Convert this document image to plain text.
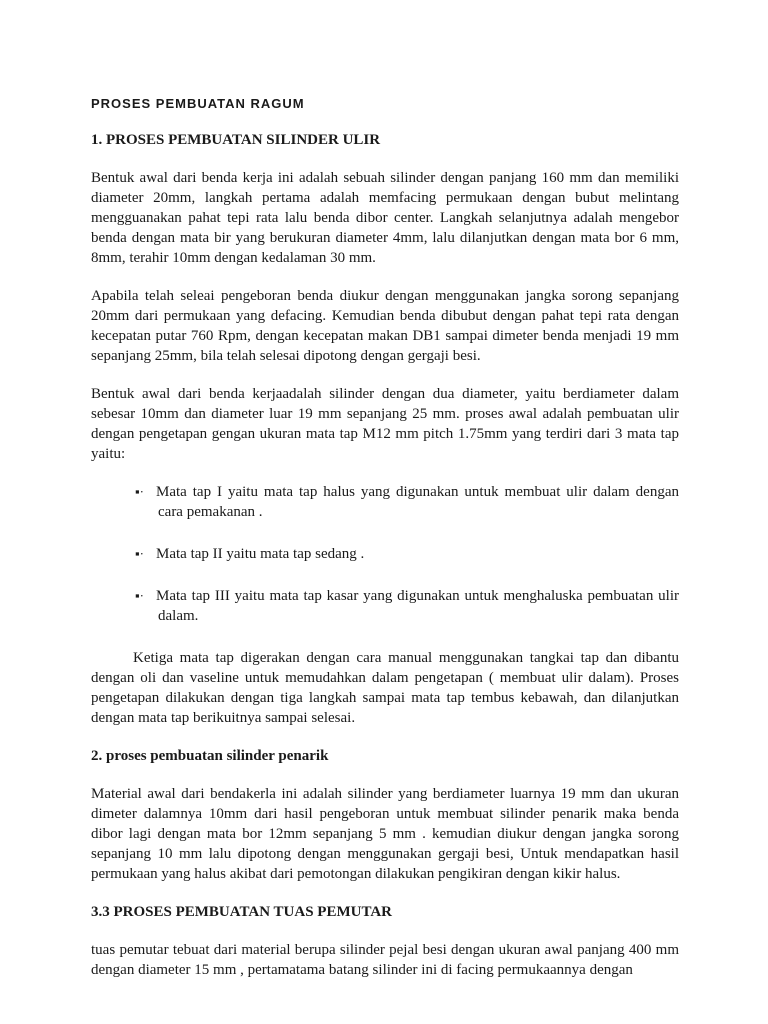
PROSES PEMBUATAN RAGUM
1. PROSES PEMBUATAN SILINDER ULIR

Bentuk awal dari benda kerja ini adalah sebuah silinder dengan panjang 160 mm dan memiliki diameter 20mm, langkah pertama adalah memfacing permukaan dengan bubut melintang mengguanakan pahat tepi rata lalu benda dibor center. Langkah selanjutnya adalah mengebor benda dengan mata bir yang berukuran diameter 4mm, lalu dilanjutkan dengan mata bor 6 mm, 8mm, terahir 10mm dengan kedalaman 30 mm.

Apabila telah seleai pengeboran benda diukur dengan menggunakan jangka sorong sepanjang 20mm dari permukaan yang defacing. Kemudian benda dibubut dengan pahat tepi rata dengan kecepatan putar 760 Rpm, dengan kecepatan makan DB1 sampai dimeter benda menjadi 19 mm sepanjang 25mm, bila telah selesai dipotong dengan gergaji besi.

Bentuk awal dari benda kerjaadalah silinder dengan dua diameter, yaitu berdiameter dalam sebesar 10mm dan diameter luar 19 mm sepanjang 25 mm. proses awal adalah pembuatan ulir dengan pengetapan gengan ukuran mata tap M12 mm pitch 1.75mm yang terdiri dari 3 mata tap yaitu:

▪· Mata tap I yaitu mata tap halus yang digunakan untuk membuat ulir dalam dengan cara pemakanan .
▪· Mata tap II yaitu mata tap sedang .
▪· Mata tap III yaitu mata tap kasar yang digunakan untuk menghaluska pembuatan ulir dalam.

Ketiga mata tap digerakan dengan cara manual menggunakan tangkai tap dan dibantu dengan oli dan vaseline untuk memudahkan dalam pengetapan ( membuat ulir dalam). Proses pengetapan dilakukan dengan tiga langkah sampai mata tap tembus kebawah, dan dilanjutkan dengan mata tap berikuitnya sampai selesai.

2. proses pembuatan silinder penarik

Material awal dari bendakerla ini adalah silinder yang berdiameter luarnya 19 mm dan ukuran dimeter dalamnya 10mm dari hasil pengeboran untuk membuat silinder penarik maka benda dibor lagi dengan mata bor 12mm sepanjang 5 mm . kemudian diukur dengan jangka sorong sepanjang 10 mm lalu dipotong dengan menggunakan gergaji besi, Untuk mendapatkan hasil permukaan yang halus akibat dari pemotongan dilakukan pengikiran dengan kikir halus.

3.3 PROSES PEMBUATAN TUAS PEMUTAR

tuas pemutar tebuat dari material berupa silinder pejal besi dengan ukuran awal panjang 400 mm dengan diameter 15 mm , pertamatama batang silinder ini di facing permukaannya dengan
